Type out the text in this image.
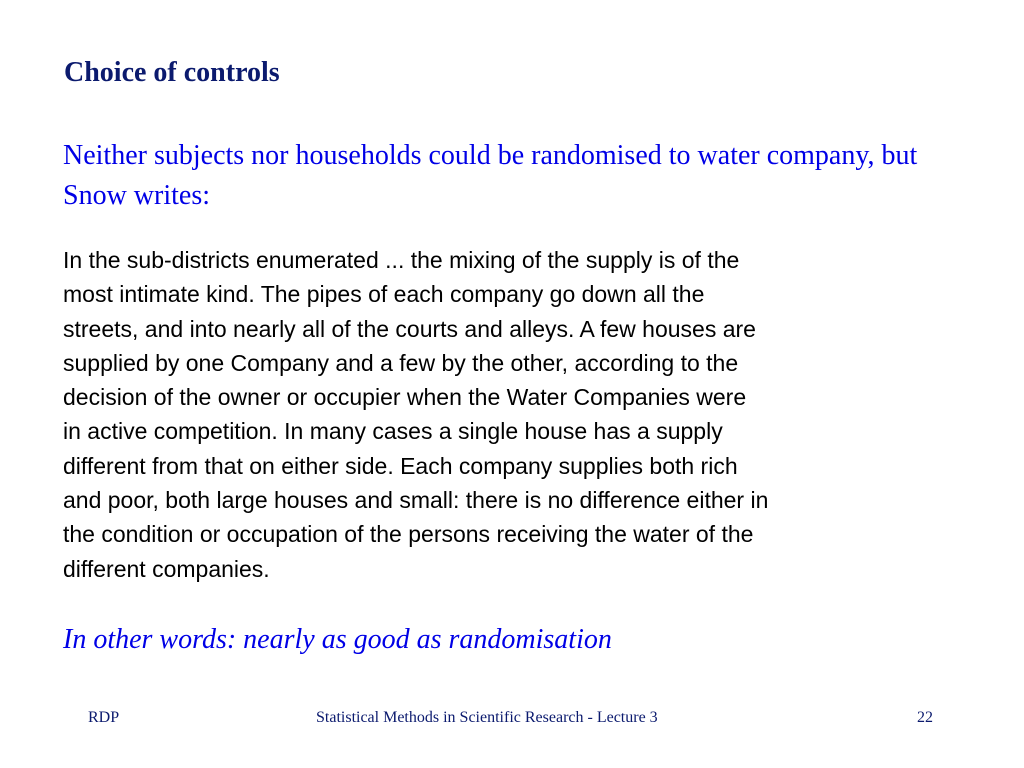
Choice of controls

Neither subjects nor households could be randomised to water company, but Snow writes:

In the sub-districts enumerated ... the mixing of the supply is of the
most intimate kind. The pipes of each company go down all the
streets, and into nearly all of the courts and alleys. A few houses are
supplied by one Company and a few by the other, according to the
decision of the owner or occupier when the Water Companies were
in active competition. In many cases a single house has a supply
different from that on either side. Each company supplies both rich
and poor, both large houses and small: there is no difference either in
the condition or occupation of the persons receiving the water of the
different companies.

In other words: nearly as good as randomisation

RDP	Statistical Methods in Scientific Research - Lecture 3	22
